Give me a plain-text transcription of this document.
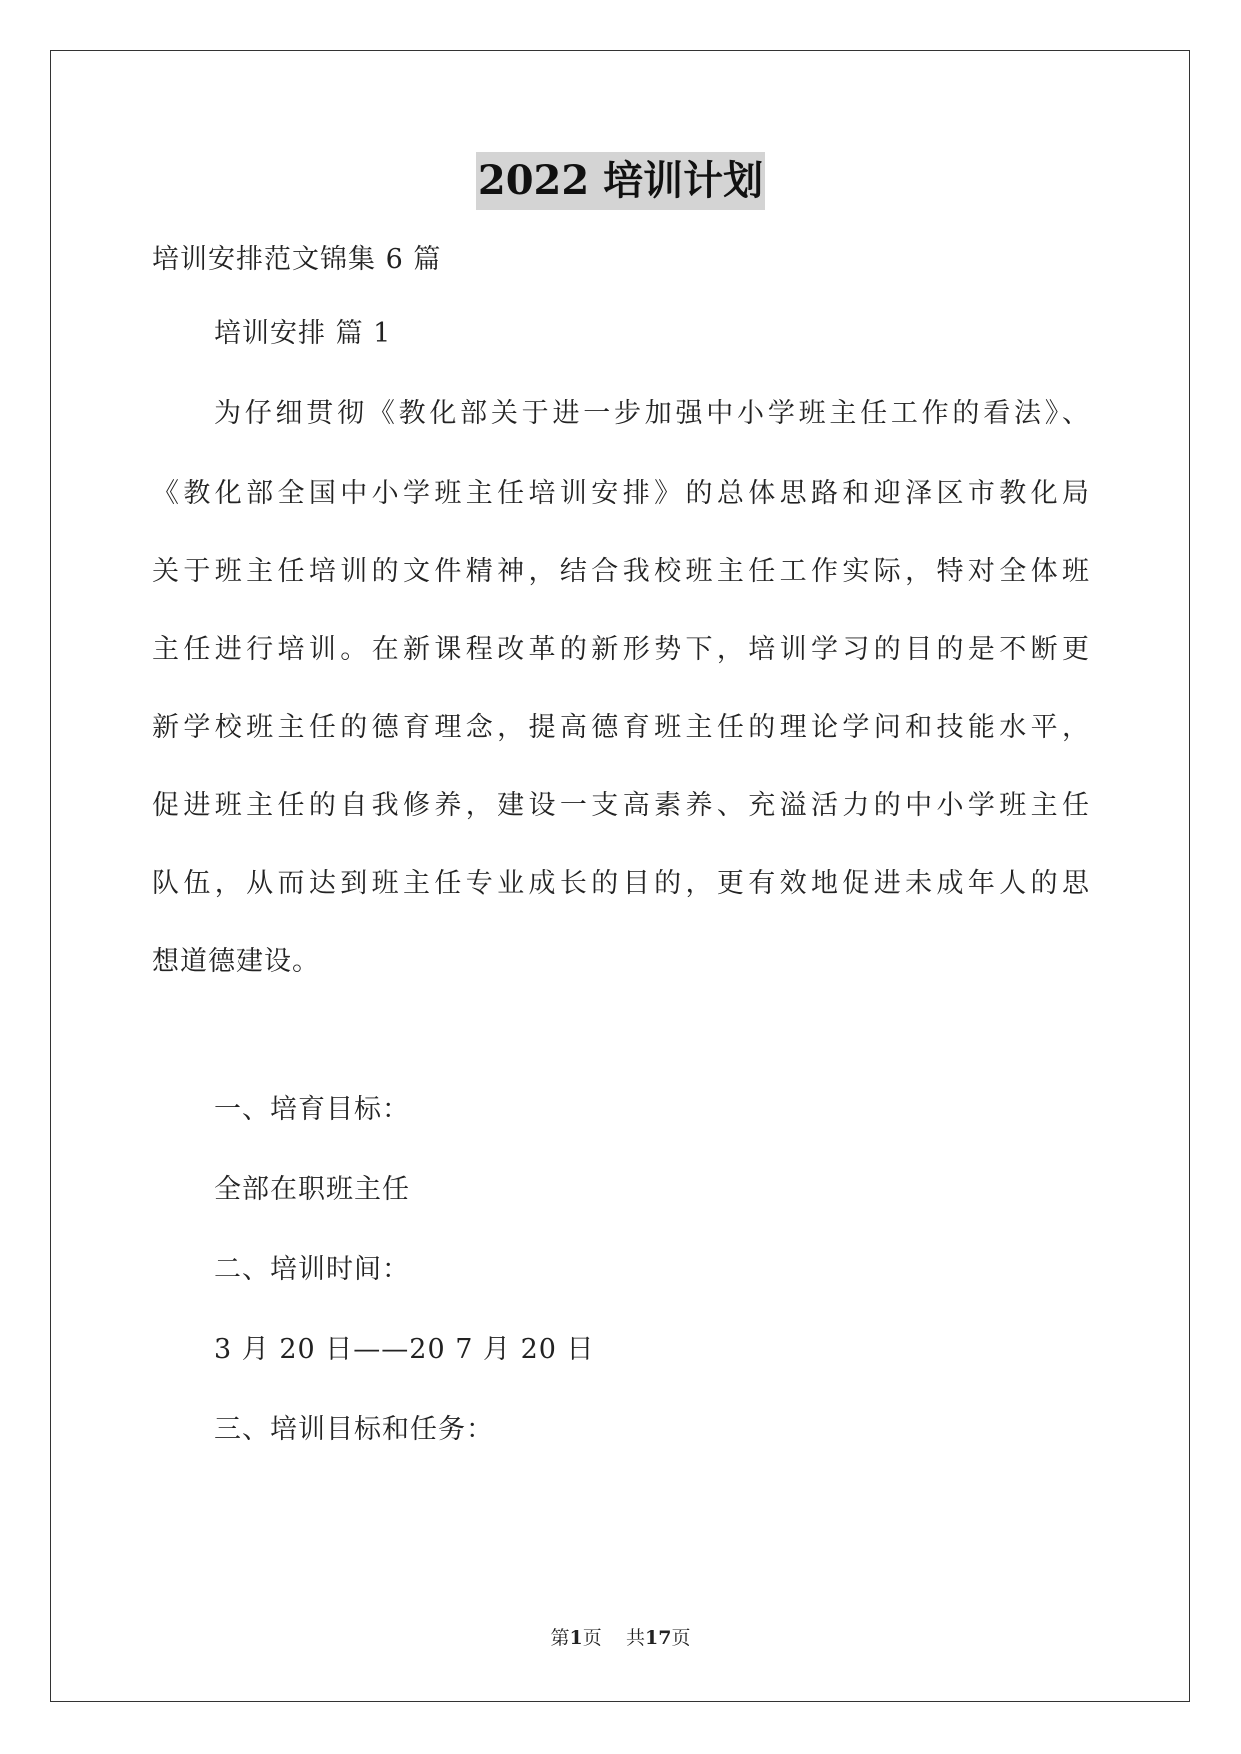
2022 培训计划

培训安排范文锦集 6 篇

培训安排 篇 1

为仔细贯彻《教化部关于进一步加强中小学班主任工作的看法》、

《教化部全国中小学班主任培训安排》的总体思路和迎泽区市教化局

关于班主任培训的文件精神，结合我校班主任工作实际，特对全体班

主任进行培训。在新课程改革的新形势下，培训学习的目的是不断更

新学校班主任的德育理念，提高德育班主任的理论学问和技能水平，

促进班主任的自我修养，建设一支高素养、充溢活力的中小学班主任

队伍，从而达到班主任专业成长的目的，更有效地促进未成年人的思

想道德建设。

一、培育目标：

全部在职班主任

二、培训时间：

3 月 20 日——20 7 月 20 日

三、培训目标和任务：

第1页 共17页
